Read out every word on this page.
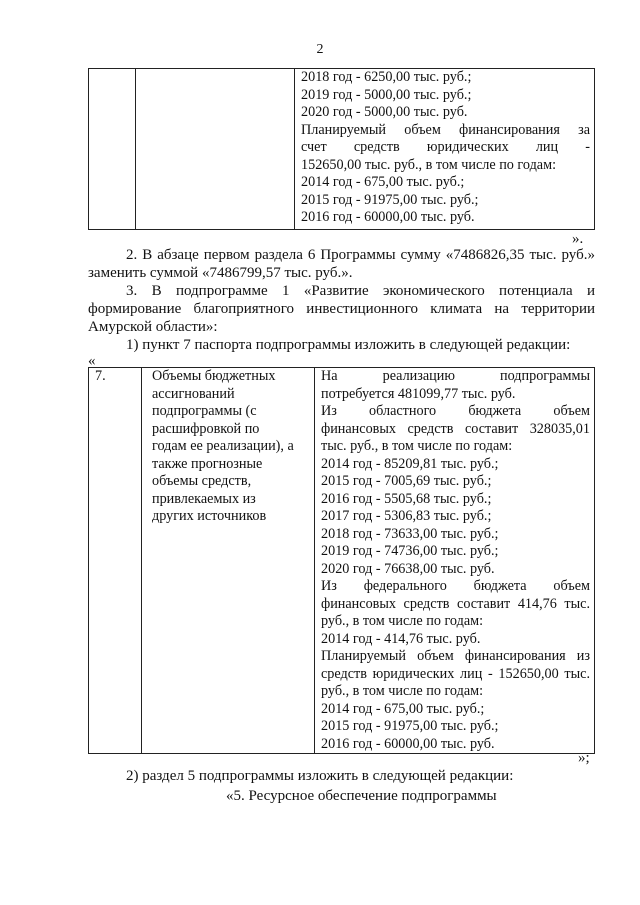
2

2018 год - 6250,00 тыс. руб.;
2019 год - 5000,00 тыс. руб.;
2020 год - 5000,00 тыс. руб.
Планируемый объем финансирования за
счет средств юридических лиц -
152650,00 тыс. руб., в том числе по годам:
2014 год - 675,00 тыс. руб.;
2015 год - 91975,00 тыс. руб.;
2016 год - 60000,00 тыс. руб.
».
2. В абзаце первом раздела 6 Программы сумму «7486826,35 тыс. руб.»
заменить суммой «7486799,57 тыс. руб.».
3. В подпрограмме 1 «Развитие экономического потенциала и
формирование благоприятного инвестиционного климата на территории
Амурской области»:
1) пункт 7 паспорта подпрограммы изложить в следующей редакции:
«
7.	Объемы бюджетных
ассигнований
подпрограммы (с
расшифровкой по
годам ее реализации), а
также прогнозные
объемы средств,
привлекаемых из
других источников

На реализацию подпрограммы
потребуется 481099,77 тыс. руб.
Из областного бюджета объем
финансовых средств составит 328035,01
тыс. руб., в том числе по годам:
2014 год - 85209,81 тыс. руб.;
2015 год - 7005,69 тыс. руб.;
2016 год - 5505,68 тыс. руб.;
2017 год - 5306,83 тыс. руб.;
2018 год - 73633,00 тыс. руб.;
2019 год - 74736,00 тыс. руб.;
2020 год - 76638,00 тыс. руб.
Из федерального бюджета объем
финансовых средств составит 414,76 тыс.
руб., в том числе по годам:
2014 год - 414,76 тыс. руб.
Планируемый объем финансирования из
средств юридических лиц - 152650,00 тыс.
руб., в том числе по годам:
2014 год - 675,00 тыс. руб.;
2015 год - 91975,00 тыс. руб.;
2016 год - 60000,00 тыс. руб.
»;
2) раздел 5 подпрограммы изложить в следующей редакции:
«5. Ресурсное обеспечение подпрограммы
